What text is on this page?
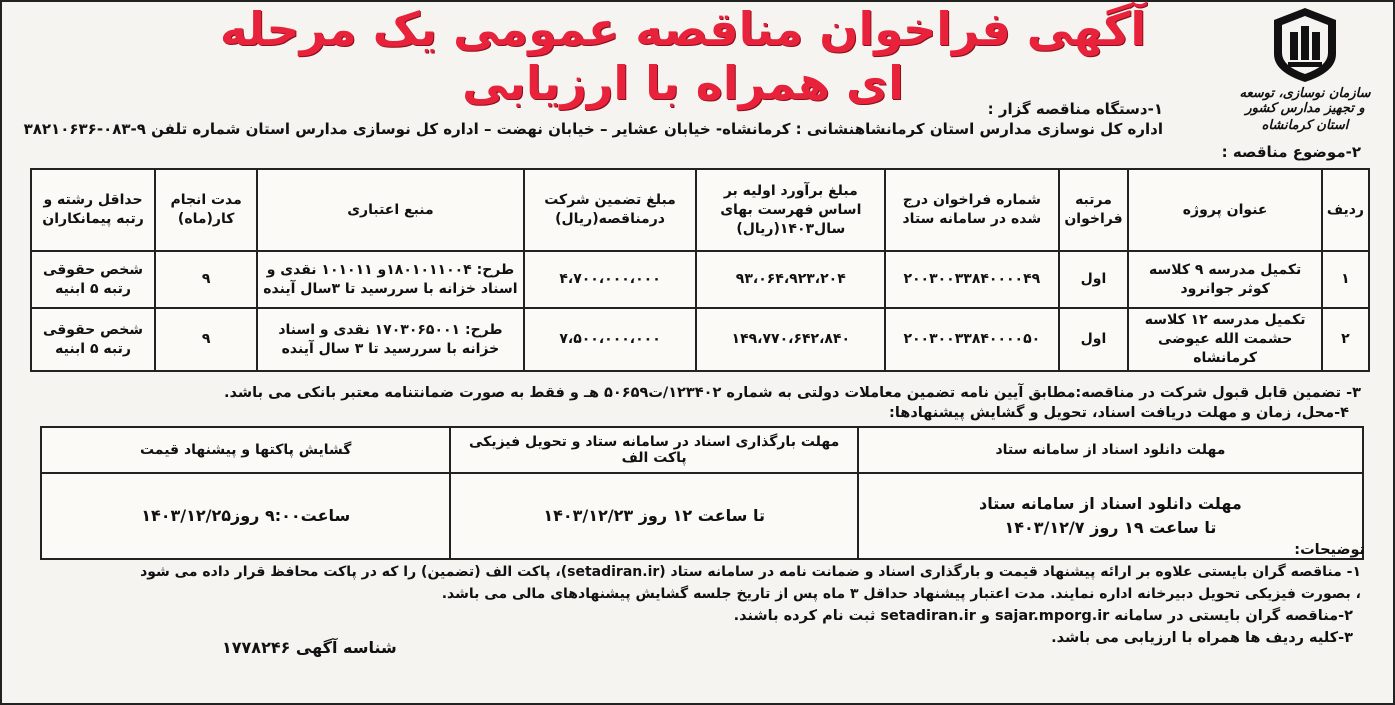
سازمان نوسازی، توسعه و تجهیز مدارس کشور
استان کرمانشاه
آگهی فراخوان مناقصه عمومی یک مرحله ای همراه با ارزیابی	۱-دستگاه مناقصه گزار :
اداره کل نوسازی مدارس استان کرمانشاهنشانی : کرمانشاه- خیابان عشایر – خیابان نهضت – اداره کل نوسازی مدارس استان شماره تلفن ۹-۰۸۳-۳۸۲۱۰۶۳۶
۲-موضوع مناقصه :
ردیف	عنوان پروژه	مرتبه فراخوان	شماره فراخوان درج شده در سامانه ستاد	مبلغ برآورد اولیه بر اساس فهرست بهای سال۱۴۰۳(ریال)	مبلغ تضمین شرکت درمناقصه(ریال)	منبع اعتباری	مدت انجام کار(ماه)	حداقل رشته و رتبه پیمانکاران
۱	تکمیل مدرسه ۹ کلاسه کوثر جوانرود	اول	۲۰۰۳۰۰۳۳۸۴۰۰۰۰۴۹	۹۳،۰۶۴،۹۲۳،۲۰۴	۴،۷۰۰،۰۰۰،۰۰۰	طرح: ۱۸۰۱۰۱۱۰۰۴و ۱۰۱۰۱۱ نقدی و اسناد خزانه با سررسید تا ۳سال آینده	۹	شخص حقوقی رتبه ۵ ابنیه
۲	تکمیل مدرسه ۱۲ کلاسه حشمت الله عیوضی کرمانشاه	اول	۲۰۰۳۰۰۳۳۸۴۰۰۰۰۵۰	۱۴۹،۷۷۰،۶۴۲،۸۴۰	۷،۵۰۰،۰۰۰،۰۰۰	طرح: ۱۷۰۳۰۶۵۰۰۱ نقدی و اسناد خزانه با سررسید تا ۳ سال آینده	۹	شخص حقوقی رتبه ۵ ابنیه
۳- تضمین قابل قبول شرکت در مناقصه:مطابق آیین نامه تضمین معاملات دولتی به شماره ۱۲۳۴۰۲/ت۵۰۶۵۹ هـ و فقط به صورت ضمانتنامه معتبر بانکی می باشد.
۴-محل، زمان و مهلت دریافت اسناد، تحویل و گشایش پیشنهادها:
مهلت دانلود اسناد از سامانه ستاد	مهلت بارگذاری اسناد در سامانه ستاد و تحویل فیزیکی پاکت الف	گشایش پاکتها و پیشنهاد قیمت

مهلت دانلود اسناد از سامانه ستاد
تا ساعت ۱۹ روز ۱۴۰۳/۱۲/۷	تا ساعت ۱۲ روز ۱۴۰۳/۱۲/۲۳	ساعت۹:۰۰ روز۱۴۰۳/۱۲/۲۵
توضیحات:
۱- مناقصه گران بایستی علاوه بر ارائه پیشنهاد قیمت و بارگذاری اسناد و ضمانت نامه در سامانه ستاد (setadiran.ir)، پاکت الف (تضمین) را که در پاکت محافظ قرار داده می شود
، بصورت فیزیکی تحویل دبیرخانه اداره نمایند. مدت اعتبار پیشنهاد حداقل ۳ ماه پس از تاریخ جلسه گشایش پیشنهادهای مالی می باشد.
۲-مناقصه گران بایستی در سامانه sajar.mporg.ir و setadiran.ir ثبت نام کرده باشند.
۳-کلیه ردیف ها همراه با ارزیابی می باشد.
شناسه آگهی ۱۷۷۸۲۴۶
